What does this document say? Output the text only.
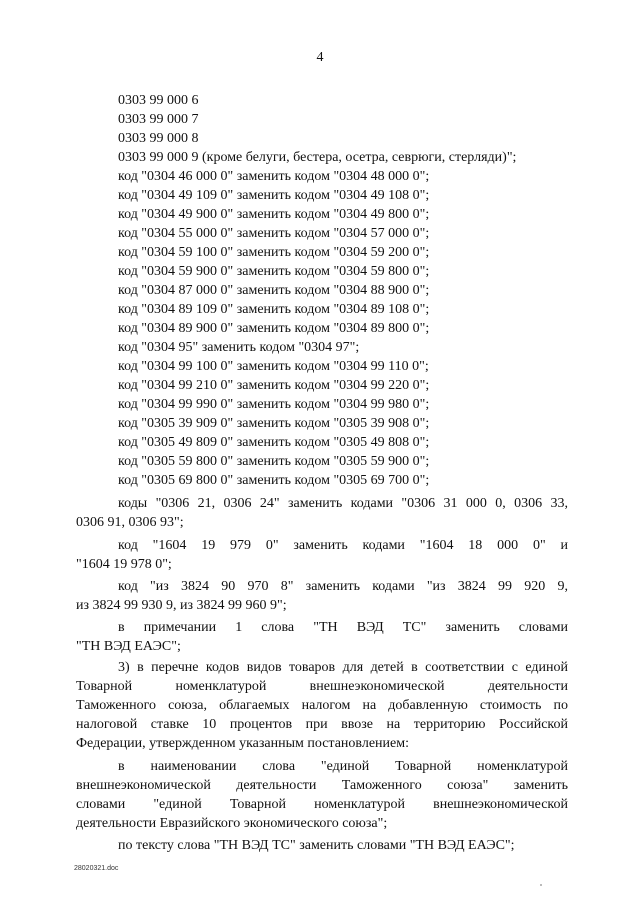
4
0303 99 000 6
0303 99 000 7
0303 99 000 8
0303 99 000 9 (кроме белуги, бестера, осетра, севрюги, стерляди)";
код "0304 46 000 0" заменить кодом "0304 48 000 0";
код "0304 49 109 0" заменить кодом "0304 49 108 0";
код "0304 49 900 0" заменить кодом "0304 49 800 0";
код "0304 55 000 0" заменить кодом "0304 57 000 0";
код "0304 59 100 0" заменить кодом "0304 59 200 0";
код "0304 59 900 0" заменить кодом "0304 59 800 0";
код "0304 87 000 0" заменить кодом "0304 88 900 0";
код "0304 89 109 0" заменить кодом "0304 89 108 0";
код "0304 89 900 0" заменить кодом "0304 89 800 0";
код "0304 95" заменить кодом "0304 97";
код "0304 99 100 0" заменить кодом "0304 99 110 0";
код "0304 99 210 0" заменить кодом "0304 99 220 0";
код "0304 99 990 0" заменить кодом "0304 99 980 0";
код "0305 39 909 0" заменить кодом "0305 39 908 0";
код "0305 49 809 0" заменить кодом "0305 49 808 0";
код "0305 59 800 0" заменить кодом "0305 59 900 0";
код "0305 69 800 0" заменить кодом "0305 69 700 0";
коды "0306 21, 0306 24" заменить кодами "0306 31 000 0, 0306 33,
0306 91, 0306 93";
код "1604 19 979 0" заменить кодами "1604 18 000 0" и
"1604 19 978 0";
код "из 3824 90 970 8" заменить кодами "из 3824 99 920 9,
из 3824 99 930 9, из 3824 99 960 9";
в примечании 1 слова "ТН ВЭД ТС" заменить словами
"ТН ВЭД ЕАЭС";
3) в перечне кодов видов товаров для детей в соответствии с единой
Товарной номенклатурой внешнеэкономической деятельности
Таможенного союза, облагаемых налогом на добавленную стоимость по
налоговой ставке 10 процентов при ввозе на территорию Российской
Федерации, утвержденном указанным постановлением:
в наименовании слова "единой Товарной номенклатурой
внешнеэкономической деятельности Таможенного союза" заменить
словами "единой Товарной номенклатурой внешнеэкономической
деятельности Евразийского экономического союза";
по тексту слова "ТН ВЭД ТС" заменить словами "ТН ВЭД ЕАЭС";
28020321.doc
